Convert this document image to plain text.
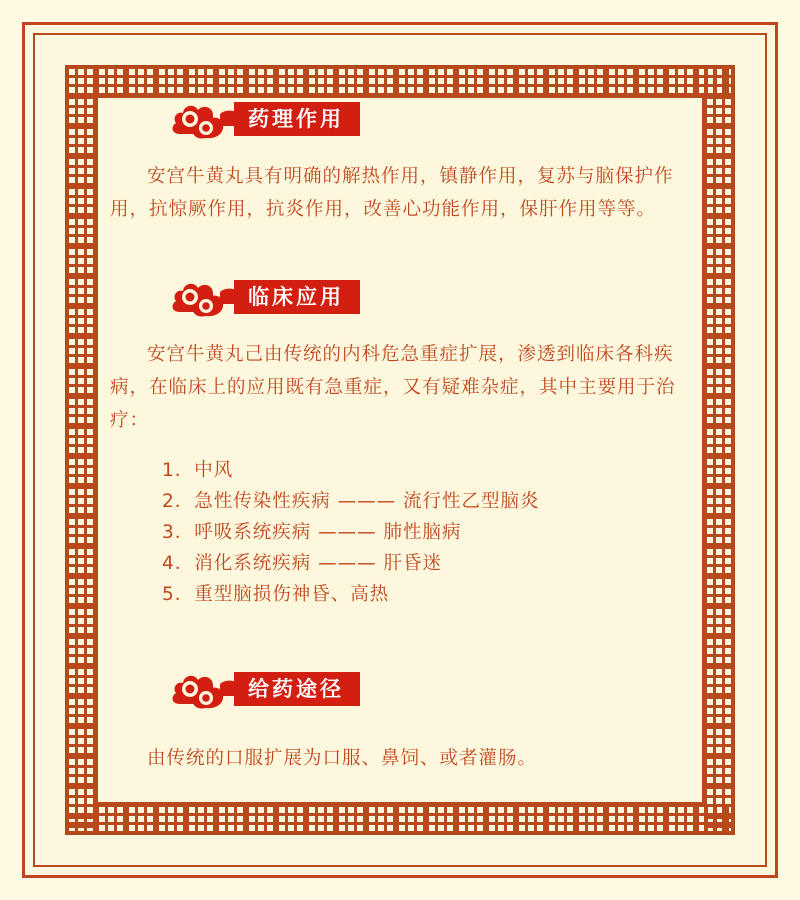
药理作用

安宫牛黄丸具有明确的解热作用，镇静作用，复苏与脑保护作用，抗惊厥作用，抗炎作用，改善心功能作用，保肝作用等等。

临床应用

安宫牛黄丸己由传统的内科危急重症扩展，渗透到临床各科疾病，在临床上的应用既有急重症，又有疑难杂症，其中主要用于治疗：

1．中风
2．急性传染性疾病 ——— 流行性乙型脑炎
3．呼吸系统疾病 ——— 肺性脑病
4．消化系统疾病 ——— 肝昏迷
5．重型脑损伤神昏、高热
给药途径

由传统的口服扩展为口服、鼻饲、或者灌肠。
